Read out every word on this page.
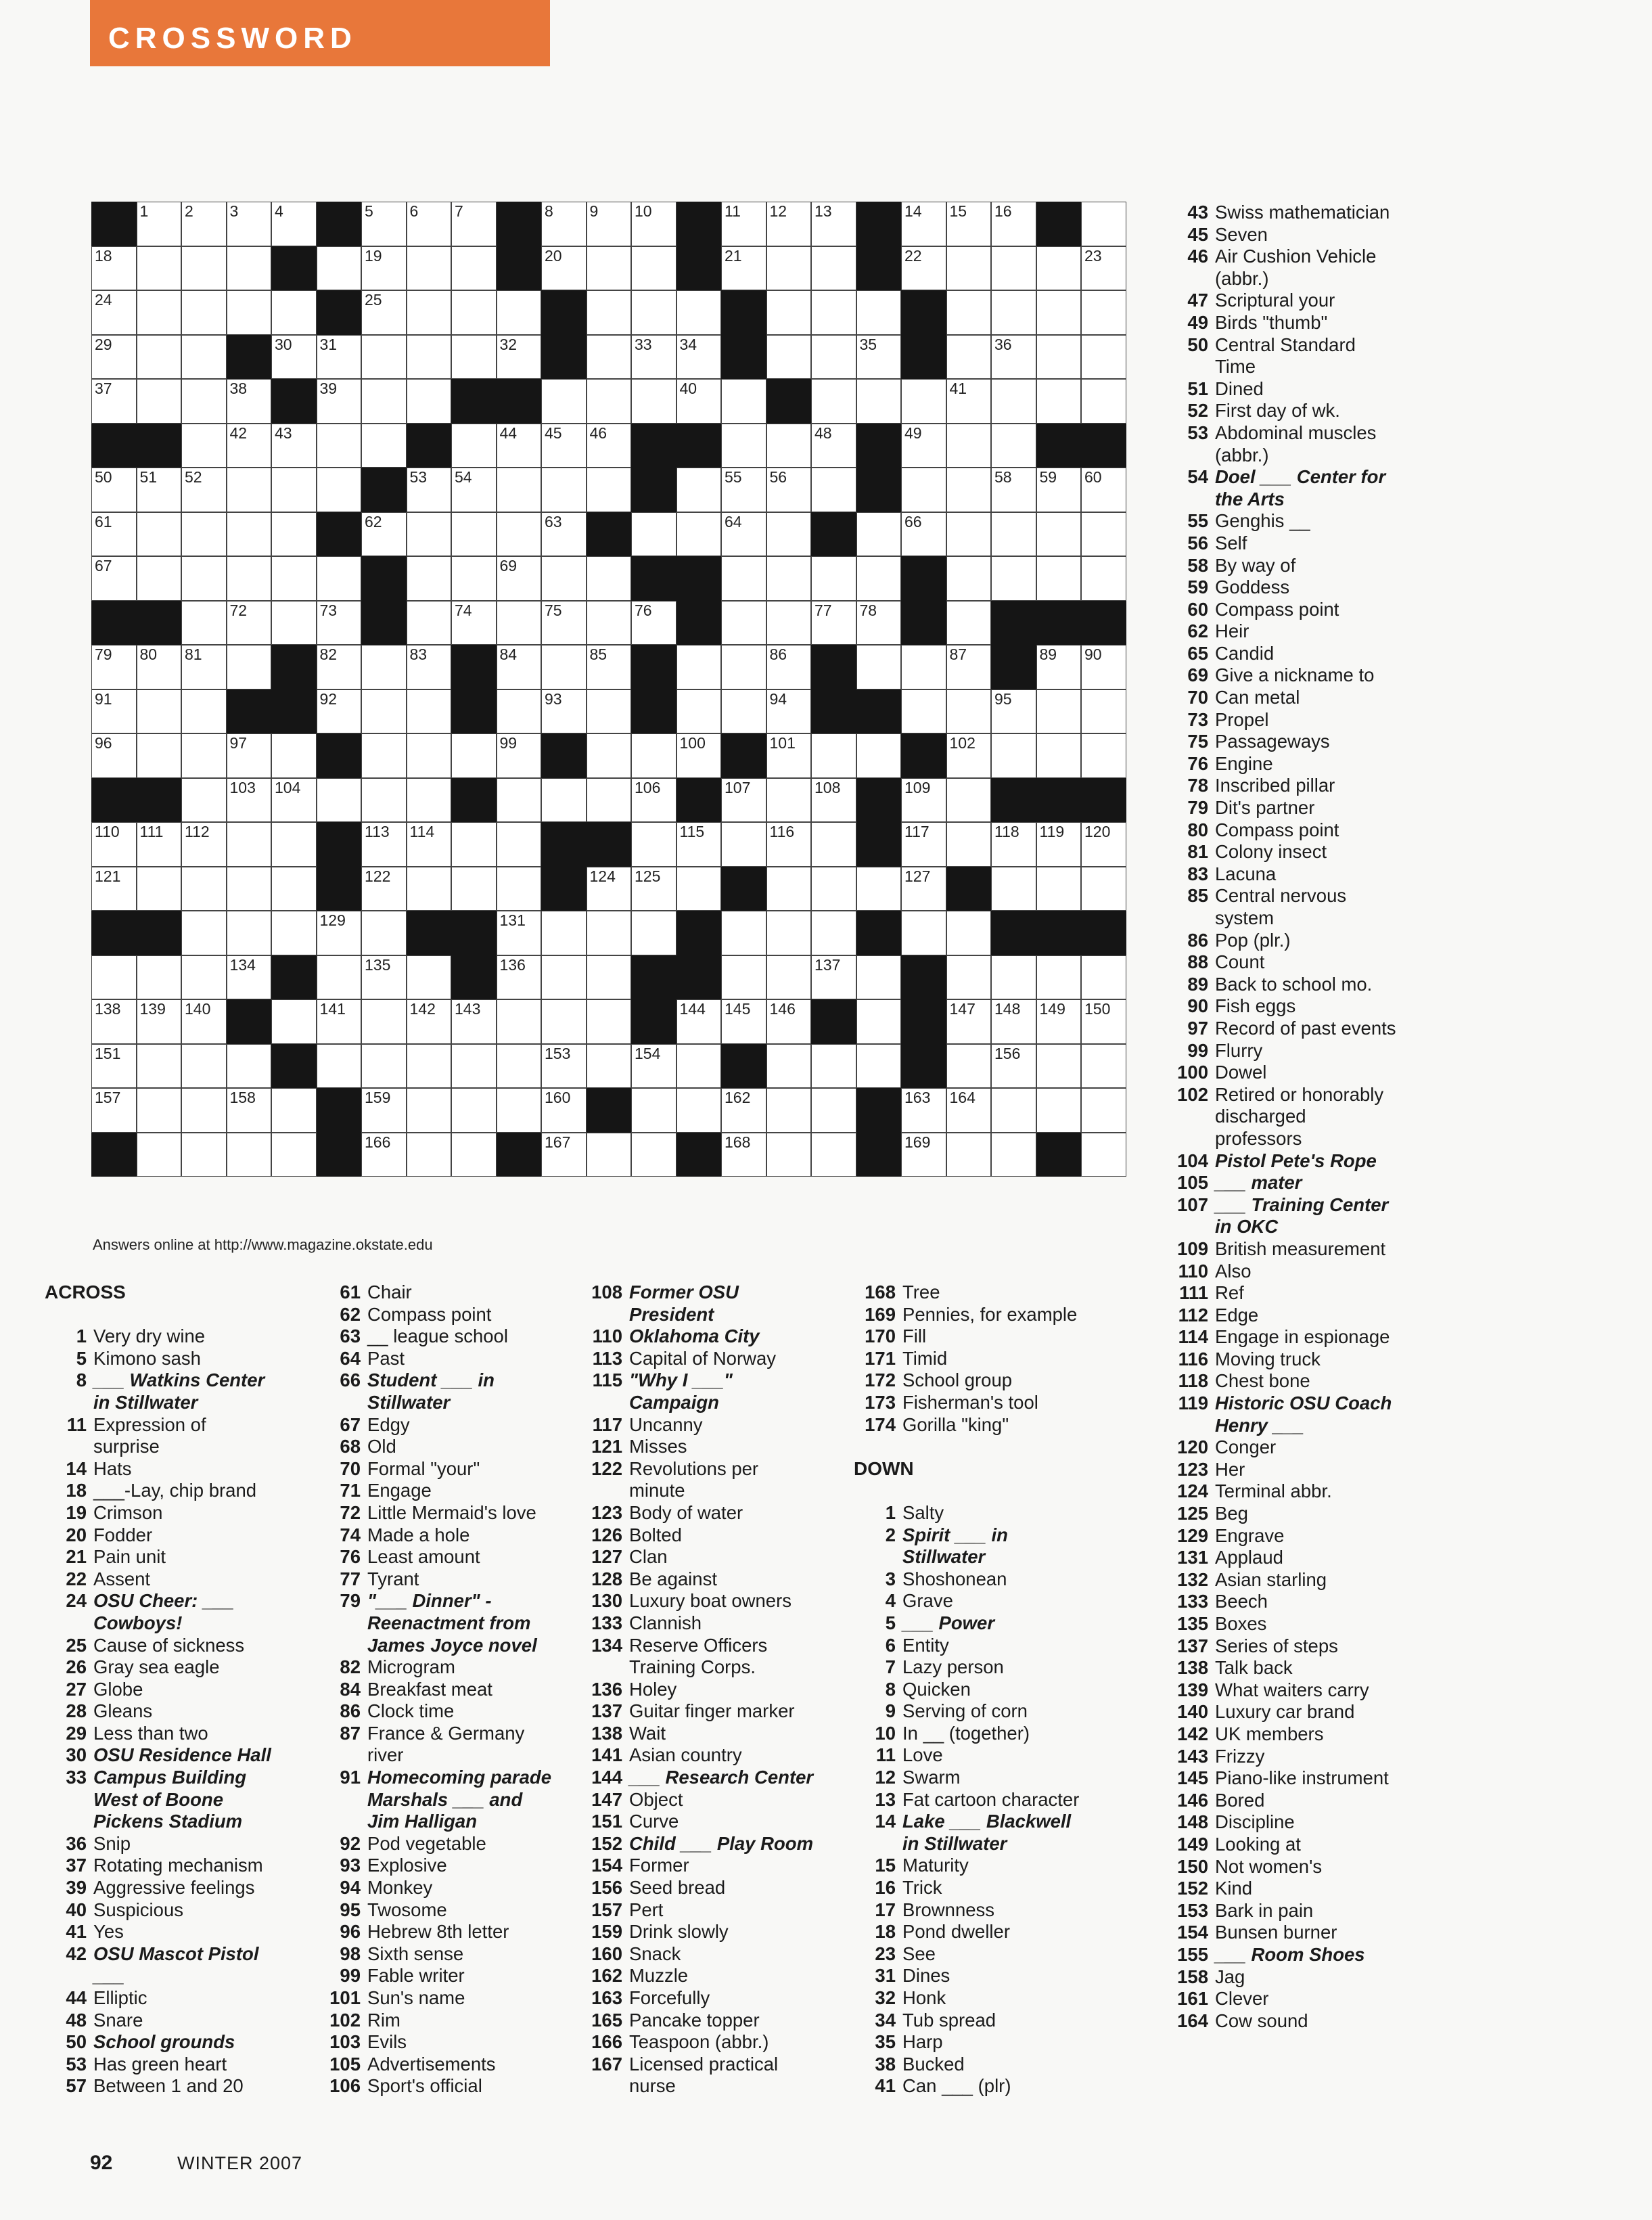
CROSSWORD
1 2 3 4	5 6 7	8 9 10	11 12 13	14 15 16
18	19	20	21	22	23
24	25
29	30 31	32	33 34	35	36
37	38	39	40	41
42 43	44 45 46	48	49
50 51 52	53 54	55 56	58 59 60
61	62	63	64	66
67	69
72	73	74	75	76	77 78
79 80 81	82	83	84	85	86	87	89 90
91	92	93	94	95
96	97	99	100	101	102
103 104	106	107	108	109
110 111 112	113 114	115	116	117	118 119 120
121	122	124 125	127
129	131
134	135	136	137
138 139 140	141	142 143	144 145 146	147 148 149 150
151	153	154	156
157	158	159	160	162	163 164
166	167	168	169
Answers online at http://www.magazine.okstate.edu
ACROSS
1 Very dry wine
5 Kimono sash
8 ___ Watkins Center
in Stillwater
11 Expression of
surprise
14 Hats
18 ___-Lay, chip brand
19 Crimson
20 Fodder
21 Pain unit
22 Assent
24 OSU Cheer: ___
Cowboys!
25 Cause of sickness
26 Gray sea eagle
27 Globe
28 Gleans
29 Less than two
30 OSU Residence Hall
33 Campus Building
West of Boone
Pickens Stadium
36 Snip
37 Rotating mechanism
39 Aggressive feelings
40 Suspicious
41 Yes
42 OSU Mascot Pistol
___
44 Elliptic
48 Snare
50 School grounds
53 Has green heart
57 Between 1 and 20
61 Chair
62 Compass point
63 __ league school
64 Past
66 Student ___ in
Stillwater
67 Edgy
68 Old
70 Formal "your"
71 Engage
72 Little Mermaid's love
74 Made a hole
76 Least amount
77 Tyrant
79 "___ Dinner" -
Reenactment from
James Joyce novel
82 Microgram
84 Breakfast meat
86 Clock time
87 France & Germany
river
91 Homecoming parade
Marshals ___ and
Jim Halligan
92 Pod vegetable
93 Explosive
94 Monkey
95 Twosome
96 Hebrew 8th letter
98 Sixth sense
99 Fable writer
101 Sun's name
102 Rim
103 Evils
105 Advertisements
106 Sport's official
108 Former OSU
President
110 Oklahoma City
113 Capital of Norway
115 "Why I ___"
Campaign
117 Uncanny
121 Misses
122 Revolutions per
minute
123 Body of water
126 Bolted
127 Clan
128 Be against
130 Luxury boat owners
133 Clannish
134 Reserve Officers
Training Corps.
136 Holey
137 Guitar finger marker
138 Wait
141 Asian country
144 ___ Research Center
147 Object
151 Curve
152 Child ___ Play Room
154 Former
156 Seed bread
157 Pert
159 Drink slowly
160 Snack
162 Muzzle
163 Forcefully
165 Pancake topper
166 Teaspoon (abbr.)
167 Licensed practical
nurse
168 Tree
169 Pennies, for example
170 Fill
171 Timid
172 School group
173 Fisherman's tool
174 Gorilla "king"
DOWN
1 Salty
2 Spirit ___ in
Stillwater
3 Shoshonean
4 Grave
5 ___ Power
6 Entity
7 Lazy person
8 Quicken
9 Serving of corn
10 In __ (together)
11 Love
12 Swarm
13 Fat cartoon character
14 Lake ___ Blackwell
in Stillwater
15 Maturity
16 Trick
17 Brownness
18 Pond dweller
23 See
31 Dines
32 Honk
34 Tub spread
35 Harp
38 Bucked
41 Can ___ (plr)
43 Swiss mathematician
45 Seven
46 Air Cushion Vehicle
(abbr.)
47 Scriptural your
49 Birds "thumb"
50 Central Standard
Time
51 Dined
52 First day of wk.
53 Abdominal muscles
(abbr.)
54 Doel ___ Center for
the Arts
55 Genghis __
56 Self
58 By way of
59 Goddess
60 Compass point
62 Heir
65 Candid
69 Give a nickname to
70 Can metal
73 Propel
75 Passageways
76 Engine
78 Inscribed pillar
79 Dit's partner
80 Compass point
81 Colony insect
83 Lacuna
85 Central nervous
system
86 Pop (plr.)
88 Count
89 Back to school mo.
90 Fish eggs
97 Record of past events
99 Flurry
100 Dowel
102 Retired or honorably
discharged
professors
104 Pistol Pete's Rope
105 ___ mater
107 ___ Training Center
in OKC
109 British measurement
110 Also
111 Ref
112 Edge
114 Engage in espionage
116 Moving truck
118 Chest bone
119 Historic OSU Coach
Henry ___
120 Conger
123 Her
124 Terminal abbr.
125 Beg
129 Engrave
131 Applaud
132 Asian starling
133 Beech
135 Boxes
137 Series of steps
138 Talk back
139 What waiters carry
140 Luxury car brand
142 UK members
143 Frizzy
145 Piano-like instrument
146 Bored
148 Discipline
149 Looking at
150 Not women's
152 Kind
153 Bark in pain
154 Bunsen burner
155 ___ Room Shoes
158 Jag
161 Clever
164 Cow sound
92	WINTER 2007
